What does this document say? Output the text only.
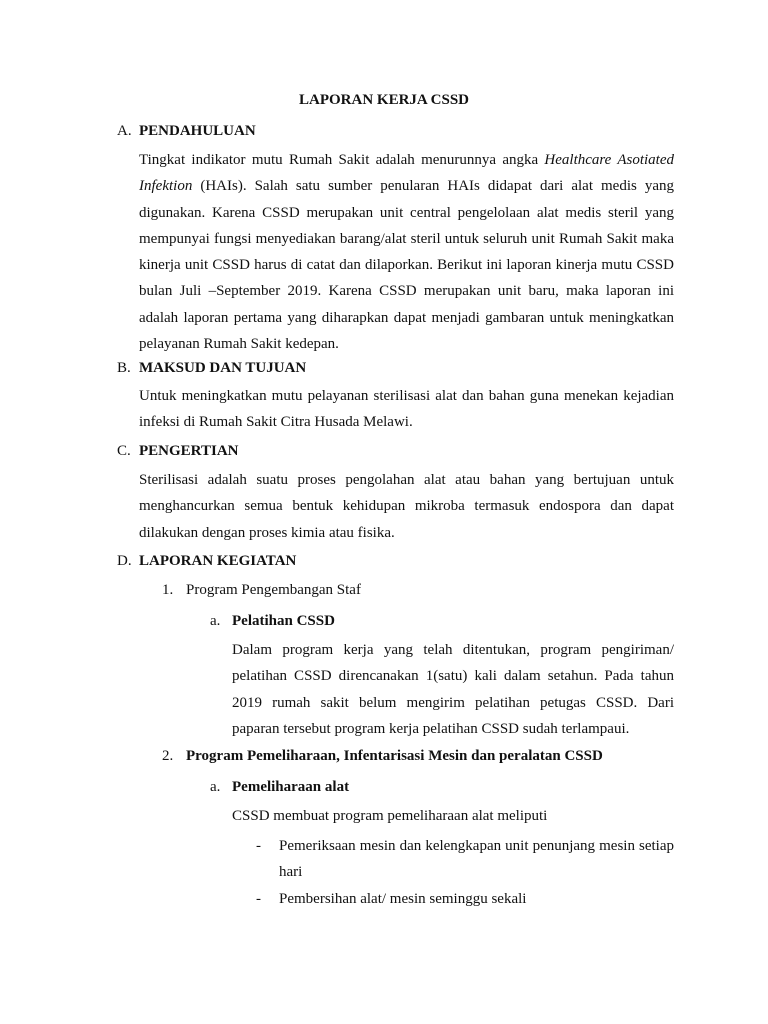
LAPORAN KERJA CSSD
A. PENDAHULUAN

Tingkat indikator mutu Rumah Sakit adalah menurunnya angka Healthcare Asotiated Infektion (HAIs). Salah satu sumber penularan HAIs didapat dari alat medis yang digunakan. Karena CSSD merupakan unit central pengelolaan alat medis steril yang mempunyai fungsi menyediakan barang/alat steril untuk seluruh unit Rumah Sakit maka kinerja unit CSSD harus di catat dan dilaporkan. Berikut ini laporan kinerja mutu CSSD bulan Juli –September 2019. Karena CSSD merupakan unit baru, maka laporan ini adalah laporan pertama yang diharapkan dapat menjadi gambaran untuk meningkatkan pelayanan Rumah Sakit kedepan.

B. MAKSUD DAN TUJUAN

Untuk meningkatkan mutu pelayanan sterilisasi alat dan bahan guna menekan kejadian infeksi di Rumah Sakit Citra Husada Melawi.

C. PENGERTIAN

Sterilisasi adalah suatu proses pengolahan alat atau bahan yang bertujuan untuk menghancurkan semua bentuk kehidupan mikroba termasuk endospora dan dapat dilakukan dengan proses kimia atau fisika.

D. LAPORAN KEGIATAN
1. Program Pengembangan Staf
a. Pelatihan CSSD

Dalam program kerja yang telah ditentukan, program pengiriman/ pelatihan CSSD direncanakan 1(satu) kali dalam setahun. Pada tahun 2019 rumah sakit belum mengirim pelatihan petugas CSSD. Dari paparan tersebut program kerja pelatihan CSSD sudah terlampaui.

2. Program Pemeliharaan, Infentarisasi Mesin dan peralatan CSSD
a. Pemeliharaan alat
CSSD membuat program pemeliharaan alat meliputi
- Pemeriksaan mesin dan kelengkapan unit penunjang mesin setiap hari

- Pembersihan alat/ mesin seminggu sekali
